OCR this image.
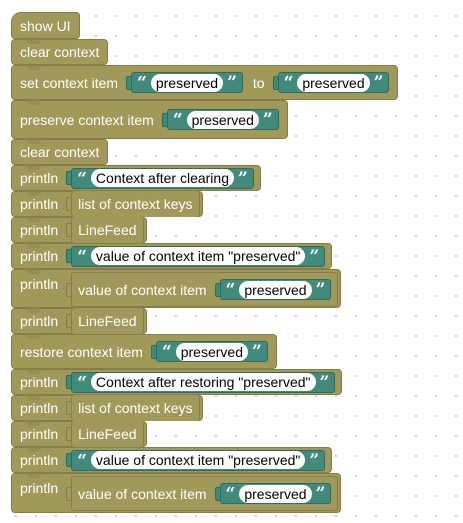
show UI
clear context
set context item “ preserved ” to “ preserved ”
preserve context item “ preserved ”
clear context
println “ Context after clearing ”
println list of context keys
println LineFeed
println “ value of context item "preserved" ”
println value of context item “ preserved ”
println LineFeed
restore context item “ preserved ”
println “ Context after restoring "preserved" ”
println list of context keys
println LineFeed
println “ value of context item "preserved" ”
println value of context item “ preserved ”
